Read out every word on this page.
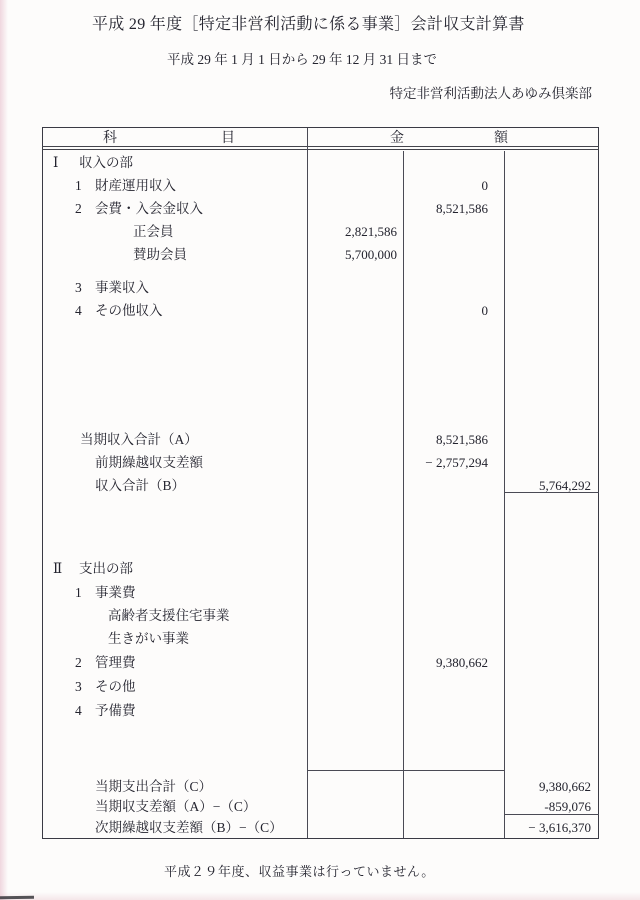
平成 29 年度［特定非営利活動に係る事業］会計収支計算書
平成 29 年 1 月 1 日から 29 年 12 月 31 日まで
特定非営利活動法人あゆみ倶楽部
科	目	金	額
Ⅰ 収入の部
1 財産運用収入	0
2 会費・入会金収入	8,521,586
正会員	2,821,586
賛助会員	5,700,000
3 事業収入
4 その他収入	0
当期収入合計（A）	8,521,586
前期繰越収支差額	− 2,757,294
収入合計（B）	5,764,292
Ⅱ 支出の部
1 事業費
高齢者支援住宅事業
生きがい事業
2 管理費	9,380,662
3 その他
4 予備費
当期支出合計（C）	9,380,662
当期収支差額（A）−（C）	-859,076
次期繰越収支差額（B）−（C）	− 3,616,370
平成２９年度、収益事業は行っていません。
